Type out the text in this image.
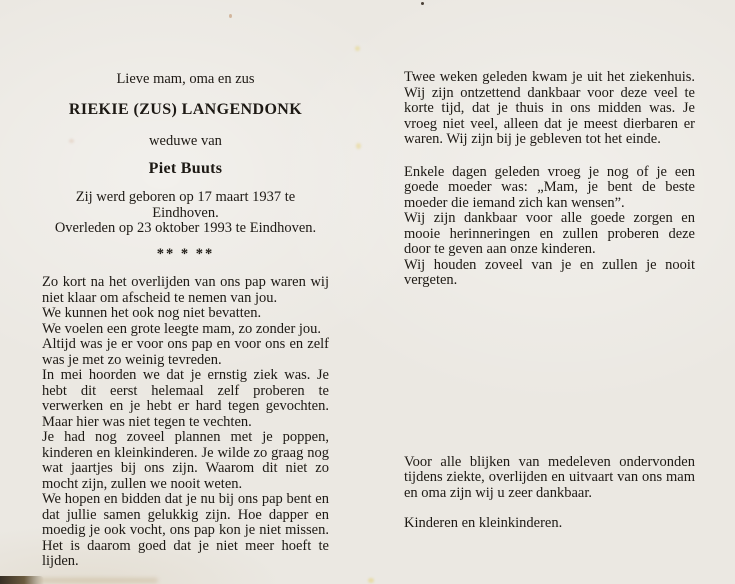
Lieve mam, oma en zus
RIEKIE (ZUS) LANGENDONK
weduwe van
Piet Buuts
Zij werd geboren op 17 maart 1937 te Eindhoven.
Overleden op 23 oktober 1993 te Eindhoven.
** * **

Zo kort na het overlijden van ons pap waren wij niet klaar om afscheid te nemen van jou.

We kunnen het ook nog niet bevatten.

We voelen een grote leegte mam, zo zonder jou.

Altijd was je er voor ons pap en voor ons en zelf was je met zo weinig tevreden.

In mei hoorden we dat je ernstig ziek was. Je hebt dit eerst helemaal zelf proberen te verwerken en je hebt er hard tegen gevochten. Maar hier was niet tegen te vechten.

Je had nog zoveel plannen met je poppen, kinderen en kleinkinderen. Je wilde zo graag nog wat jaartjes bij ons zijn. Waarom dit niet zo mocht zijn, zullen we nooit weten.

We hopen en bidden dat je nu bij ons pap bent en dat jullie samen gelukkig zijn. Hoe dapper en moedig je ook vocht, ons pap kon je niet missen. Het is daarom goed dat je niet meer hoeft te lijden.

Twee weken geleden kwam je uit het ziekenhuis. Wij zijn ontzettend dankbaar voor deze veel te korte tijd, dat je thuis in ons midden was. Je vroeg niet veel, alleen dat je meest dierbaren er waren. Wij zijn bij je gebleven tot het einde.

Enkele dagen geleden vroeg je nog of je een goede moeder was: „Mam, je bent de beste moeder die iemand zich kan wensen”.

Wij zijn dankbaar voor alle goede zorgen en mooie herinneringen en zullen proberen deze door te geven aan onze kinderen.

Wij houden zoveel van je en zullen je nooit vergeten.

Voor alle blijken van medeleven ondervonden tijdens ziekte, overlijden en uitvaart van ons mam en oma zijn wij u zeer dankbaar.

Kinderen en kleinkinderen.
